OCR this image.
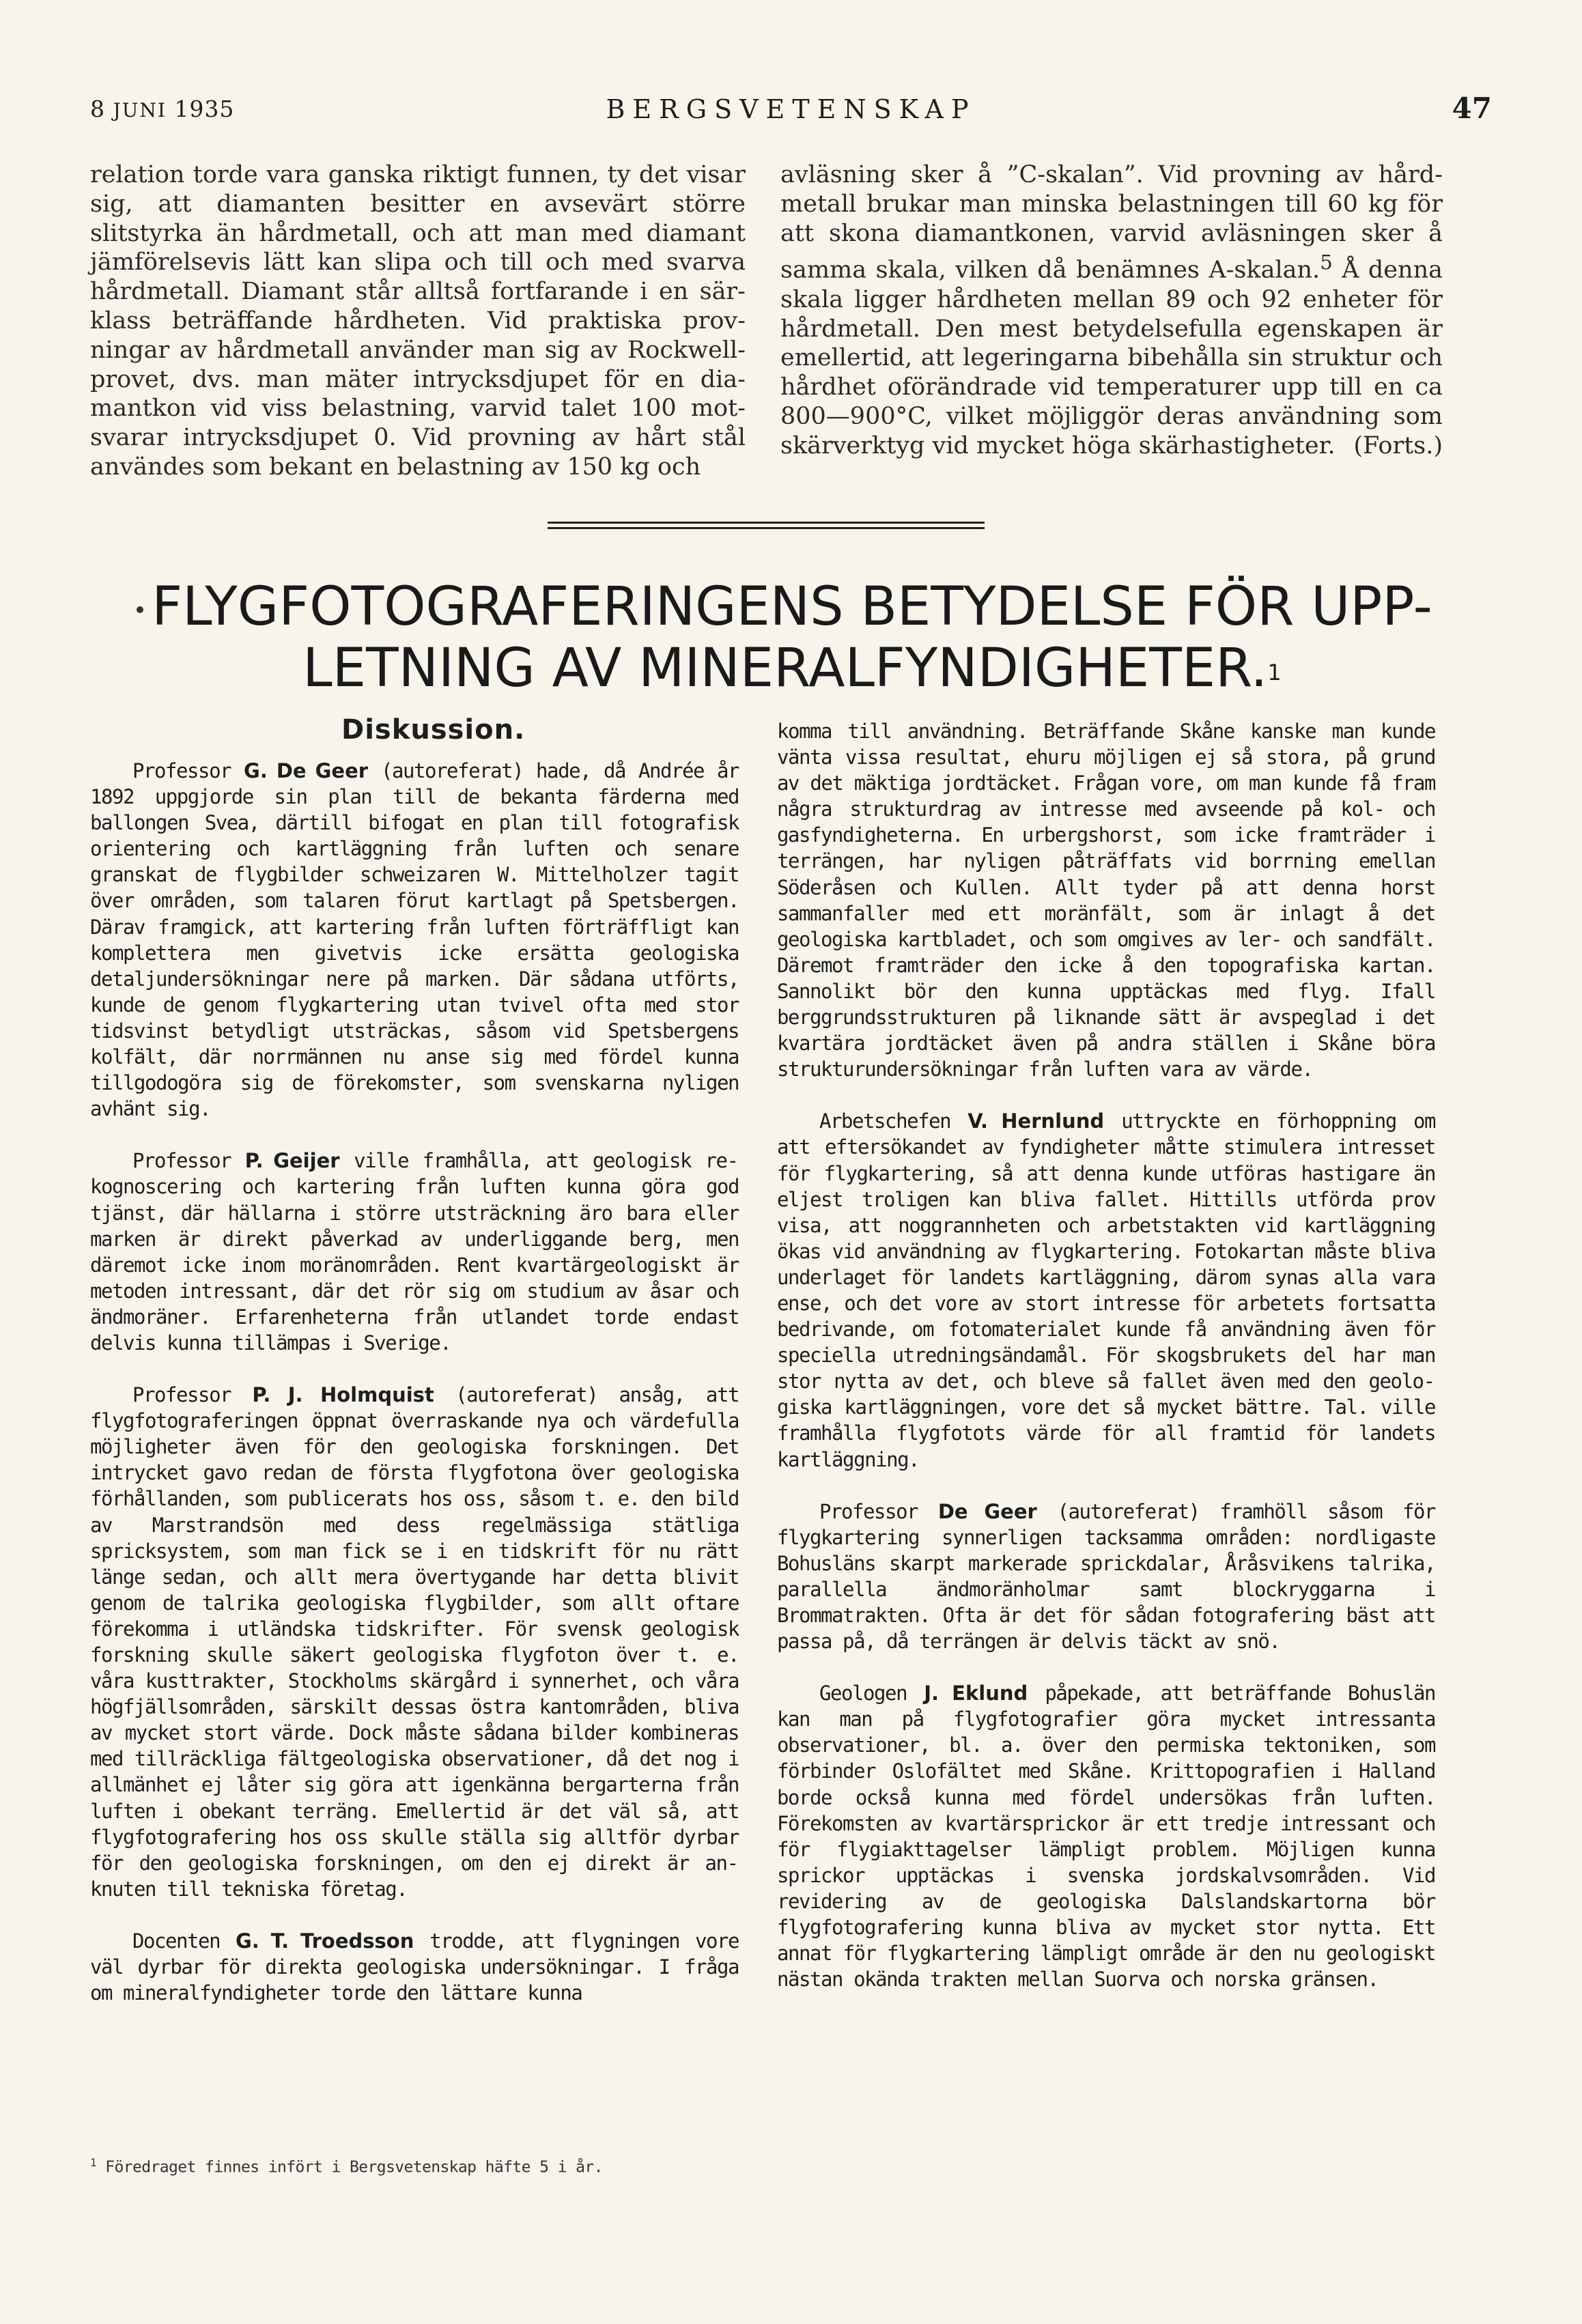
8 JUNI 1935	BERGSVETENSKAP	47

relation torde vara ganska riktigt funnen, ty det visar sig, att diamanten besitter en avsevärt större slitstyrka än hårdmetall, och att man med diamant jämförelsevis lätt kan slipa och till och med svarva hårdmetall. Diamant står alltså fortfarande i en särklass beträffande hårdheten. Vid praktiska provningar av hårdmetall använder man sig av Rockwellprovet, dvs. man mäter intrycksdjupet för en diamantkon vid viss belastning, varvid talet 100 motsvarar intrycksdjupet 0. Vid provning av hårt stål användes som bekant en belastning av 150 kg och

avläsning sker å ”C-skalan”. Vid provning av hårdmetall brukar man minska belastningen till 60 kg för att skona diamantkonen, varvid avläsningen sker å samma skala, vilken då benämnes A-skalan.$^5$ Å denna skala ligger hårdheten mellan 89 och 92 enheter för hårdmetall. Den mest betydelsefulla egenskapen är emellertid, att legeringarna bibehålla sin struktur och hårdhet oförändrade vid temperaturer upp till en ca 800—900°C, vilket möjliggör deras användning som skärverktyg vid mycket höga skärhastigheter. (Forts.)

FLYGFOTOGRAFERINGENS BETYDELSE FÖR UPP-
LETNING AV MINERALFYNDIGHETER.$^1$
Diskussion.

Professor G. De Geer (autoreferat) hade, då Andrée år 1892 uppgjorde sin plan till de bekanta färderna med ballongen Svea, därtill bifogat en plan till fotografisk orientering och kartläggning från luften och senare granskat de flygbilder schweizaren W. Mittelholzer tagit över områden, som talaren förut kartlagt på Spetsbergen. Därav framgick, att kartering från luften förträffligt kan komplettera men givetvis icke ersätta geologiska detaljundersökningar nere på marken. Där sådana utförts, kunde de genom flygkartering utan tvivel ofta med stor tidsvinst betydligt utsträckas, såsom vid Spetsbergens kolfält, där norrmännen nu anse sig med fördel kunna tillgodogöra sig de förekomster, som svenskarna nyligen avhänt sig.

Professor P. Geijer ville framhålla, att geologisk rekognoscering och kartering från luften kunna göra god tjänst, där hällarna i större utsträckning äro bara eller marken är direkt påverkad av underliggande berg, men däremot icke inom moränområden. Rent kvartärgeologiskt är metoden intressant, där det rör sig om studium av åsar och ändmoräner. Erfarenheterna från utlandet torde endast delvis kunna tillämpas i Sverige.

Professor P. J. Holmquist (autoreferat) ansåg, att flygfotograferingen öppnat överraskande nya och värdefulla möjligheter även för den geologiska forskningen. Det intrycket gavo redan de första flygfotona över geologiska förhållanden, som publicerats hos oss, såsom t. e. den bild av Marstrandsön med dess regelmässiga stätliga spricksystem, som man fick se i en tidskrift för nu rätt länge sedan, och allt mera övertygande har detta blivit genom de talrika geologiska flygbilder, som allt oftare förekomma i utländska tidskrifter. För svensk geologisk forskning skulle säkert geologiska flygfoton över t. e. våra kusttrakter, Stockholms skärgård i synnerhet, och våra högfjällsområden, särskilt dessas östra kantområden, bliva av mycket stort värde. Dock måste sådana bilder kombineras med tillräckliga fältgeologiska observationer, då det nog i allmänhet ej låter sig göra att igenkänna bergarterna från luften i obekant terräng. Emellertid är det väl så, att flygfotografering hos oss skulle ställa sig alltför dyrbar för den geologiska forskningen, om den ej direkt är anknuten till tekniska företag.

Docenten G. T. Troedsson trodde, att flygningen vore väl dyrbar för direkta geologiska undersökningar. I fråga om mineralfyndigheter torde den lättare kunna

komma till användning. Beträffande Skåne kanske man kunde vänta vissa resultat, ehuru möjligen ej så stora, på grund av det mäktiga jordtäcket. Frågan vore, om man kunde få fram några strukturdrag av intresse med avseende på kol- och gasfyndigheterna. En urbergshorst, som icke framträder i terrängen, har nyligen påträffats vid borrning emellan Söderåsen och Kullen. Allt tyder på att denna horst sammanfaller med ett moränfält, som är inlagt å det geologiska kartbladet, och som omgives av ler- och sandfält. Däremot framträder den icke å den topografiska kartan. Sannolikt bör den kunna upptäckas med flyg. Ifall berggrundsstrukturen på liknande sätt är avspeglad i det kvartära jordtäcket även på andra ställen i Skåne böra strukturundersökningar från luften vara av värde.

Arbetschefen V. Hernlund uttryckte en förhoppning om att eftersökandet av fyndigheter måtte stimulera intresset för flygkartering, så att denna kunde utföras hastigare än eljest troligen kan bliva fallet. Hittills utförda prov visa, att noggrannheten och arbetstakten vid kartläggning ökas vid användning av flygkartering. Fotokartan måste bliva underlaget för landets kartläggning, därom synas alla vara ense, och det vore av stort intresse för arbetets fortsatta bedrivande, om fotomaterialet kunde få användning även för speciella utredningsändamål. För skogsbrukets del har man stor nytta av det, och bleve så fallet även med den geologiska kartläggningen, vore det så mycket bättre. Tal. ville framhålla flygfotots värde för all framtid för landets kartläggning.

Professor De Geer (autoreferat) framhöll såsom för flygkartering synnerligen tacksamma områden: nordligaste Bohusläns skarpt markerade sprickdalar, Åråsvikens talrika, parallella ändmoränholmar samt blockryggarna i Brommatrakten. Ofta är det för sådan fotografering bäst att passa på, då terrängen är delvis täckt av snö.

Geologen J. Eklund påpekade, att beträffande Bohuslän kan man på flygfotografier göra mycket intressanta observationer, bl. a. över den permiska tektoniken, som förbinder Oslofältet med Skåne. Krittopografien i Halland borde också kunna med fördel undersökas från luften. Förekomsten av kvartärsprickor är ett tredje intressant och för flygiakttagelser lämpligt problem. Möjligen kunna sprickor upptäckas i svenska jordskalvsområden. Vid revidering av de geologiska Dalslandskartorna bör flygfotografering kunna bliva av mycket stor nytta. Ett annat för flygkartering lämpligt område är den nu geologiskt nästan okända trakten mellan Suorva och norska gränsen.

$^1$ Föredraget finnes infört i Bergsvetenskap häfte 5 i år.
